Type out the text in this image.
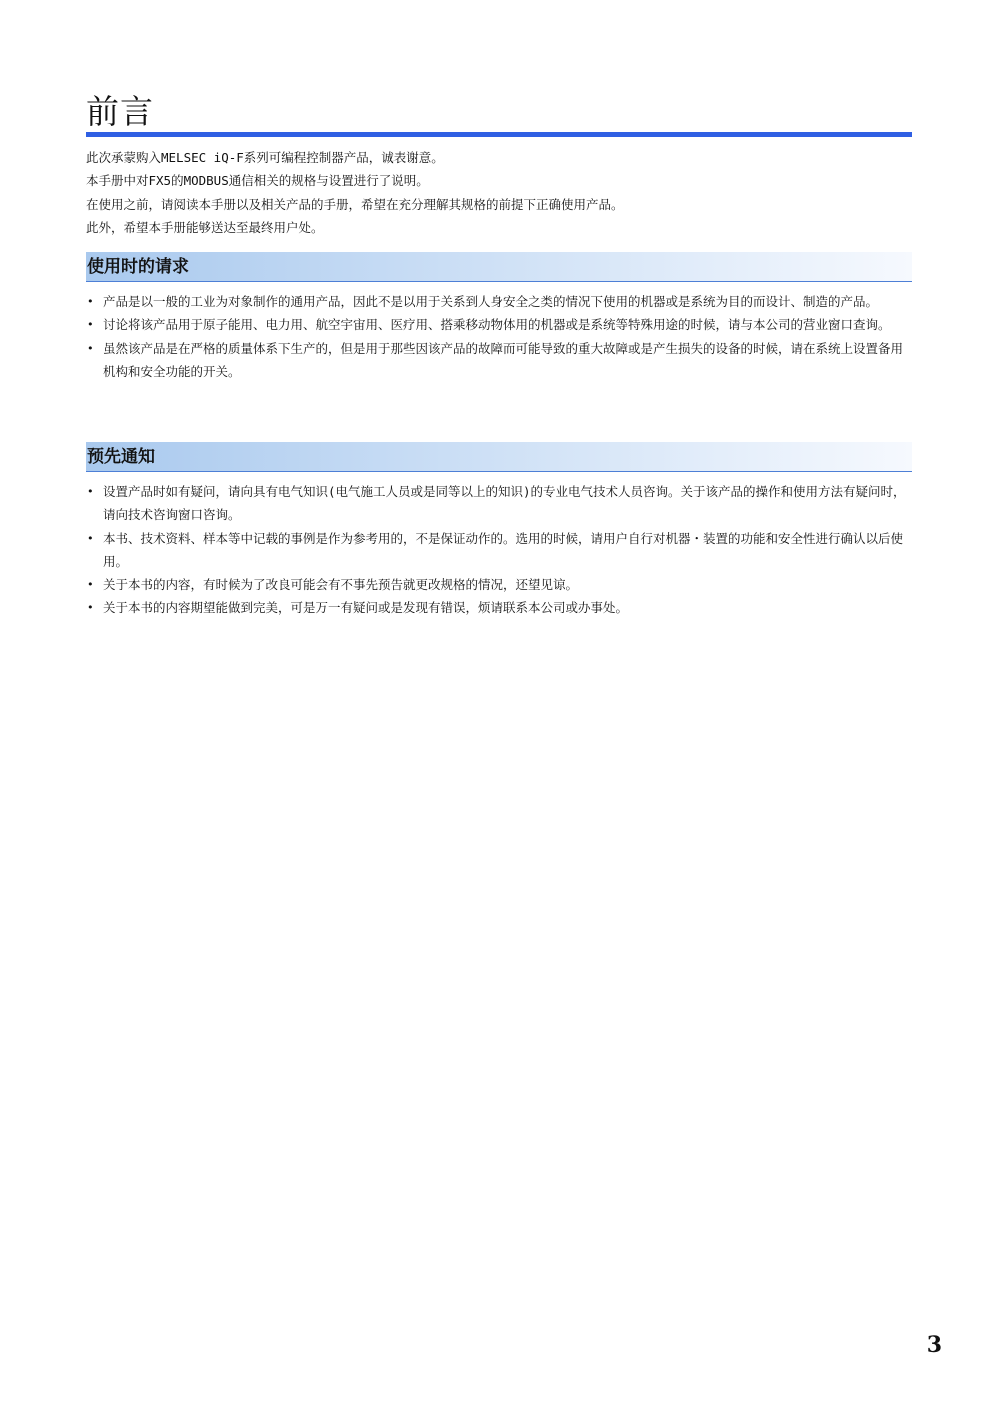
前言

此次承蒙购入MELSEC iQ-F系列可编程控制器产品，诚表谢意。

本手册中对FX5的MODBUS通信相关的规格与设置进行了说明。

在使用之前，请阅读本手册以及相关产品的手册，希望在充分理解其规格的前提下正确使用产品。

此外，希望本手册能够送达至最终用户处。

使用时的请求
• 产品是以一般的工业为对象制作的通用产品，因此不是以用于关系到人身安全之类的情况下使用的机器或是系统为目的而设计、制造的产品。
• 讨论将该产品用于原子能用、电力用、航空宇宙用、医疗用、搭乘移动物体用的机器或是系统等特殊用途的时候，请与本公司的营业窗口查询。
• 虽然该产品是在严格的质量体系下生产的，但是用于那些因该产品的故障而可能导致的重大故障或是产生损失的设备的时候，请在系统上设置备用机构和安全功能的开关。
预先通知
• 设置产品时如有疑问，请向具有电气知识(电气施工人员或是同等以上的知识)的专业电气技术人员咨询。关于该产品的操作和使用方法有疑问时，请向技术咨询窗口咨询。
• 本书、技术资料、样本等中记载的事例是作为参考用的，不是保证动作的。选用的时候，请用户自行对机器・装置的功能和安全性进行确认以后使用。
• 关于本书的内容，有时候为了改良可能会有不事先预告就更改规格的情况，还望见谅。
• 关于本书的内容期望能做到完美，可是万一有疑问或是发现有错误，烦请联系本公司或办事处。
3
